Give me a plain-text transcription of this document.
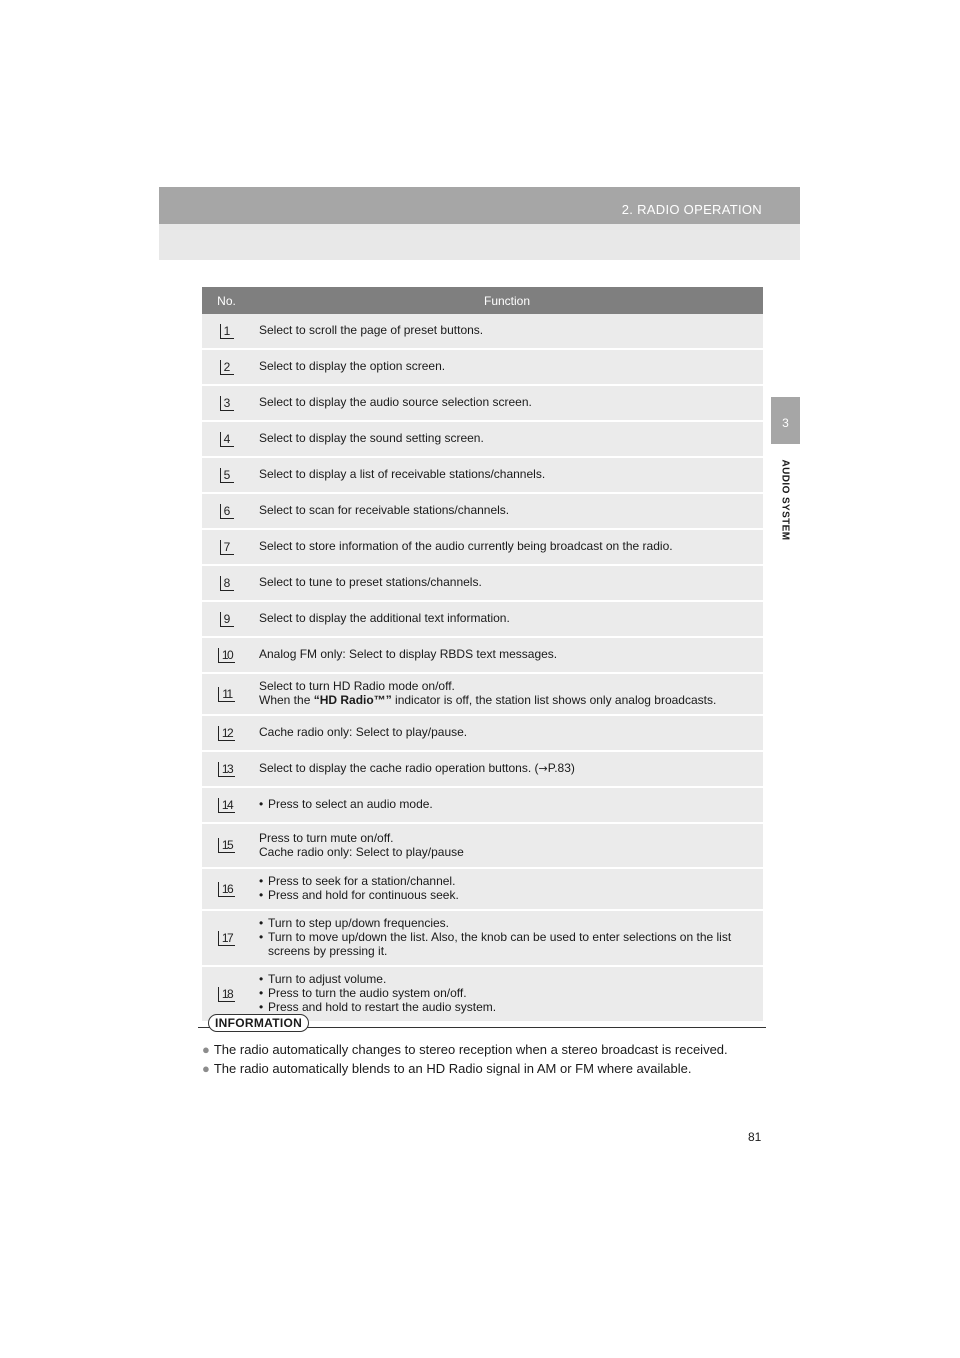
2. RADIO OPERATION
3
AUDIO SYSTEM
No.	Function
1	Select to scroll the page of preset buttons.

2	Select to display the option screen.

3	Select to display the audio source selection screen.

4	Select to display the sound setting screen.

5	Select to display a list of receivable stations/channels.

6	Select to scan for receivable stations/channels.

7	Select to store information of the audio currently being broadcast on the radio.

8	Select to tune to preset stations/channels.

9	Select to display the additional text information.

10	Analog FM only: Select to display RBDS text messages.

11	Select to turn HD Radio mode on/off.
When the “HD Radio™” indicator is off, the station list shows only analog broadcasts.

12	Cache radio only: Select to play/pause.

13	Select to display the cache radio operation buttons. (→P.83)

14	• Press to select an audio mode.

15	Press to turn mute on/off.
Cache radio only: Select to play/pause

16	• Press to seek for a station/channel.
• Press and hold for continuous seek.

17	• Turn to step up/down frequencies.
• Turn to move up/down the list. Also, the knob can be used to enter selections on the list screens by pressing it.

18	• Turn to adjust volume.
• Press to turn the audio system on/off.
• Press and hold to restart the audio system.
INFORMATION
● The radio automatically changes to stereo reception when a stereo broadcast is received.
● The radio automatically blends to an HD Radio signal in AM or FM where available.
81
